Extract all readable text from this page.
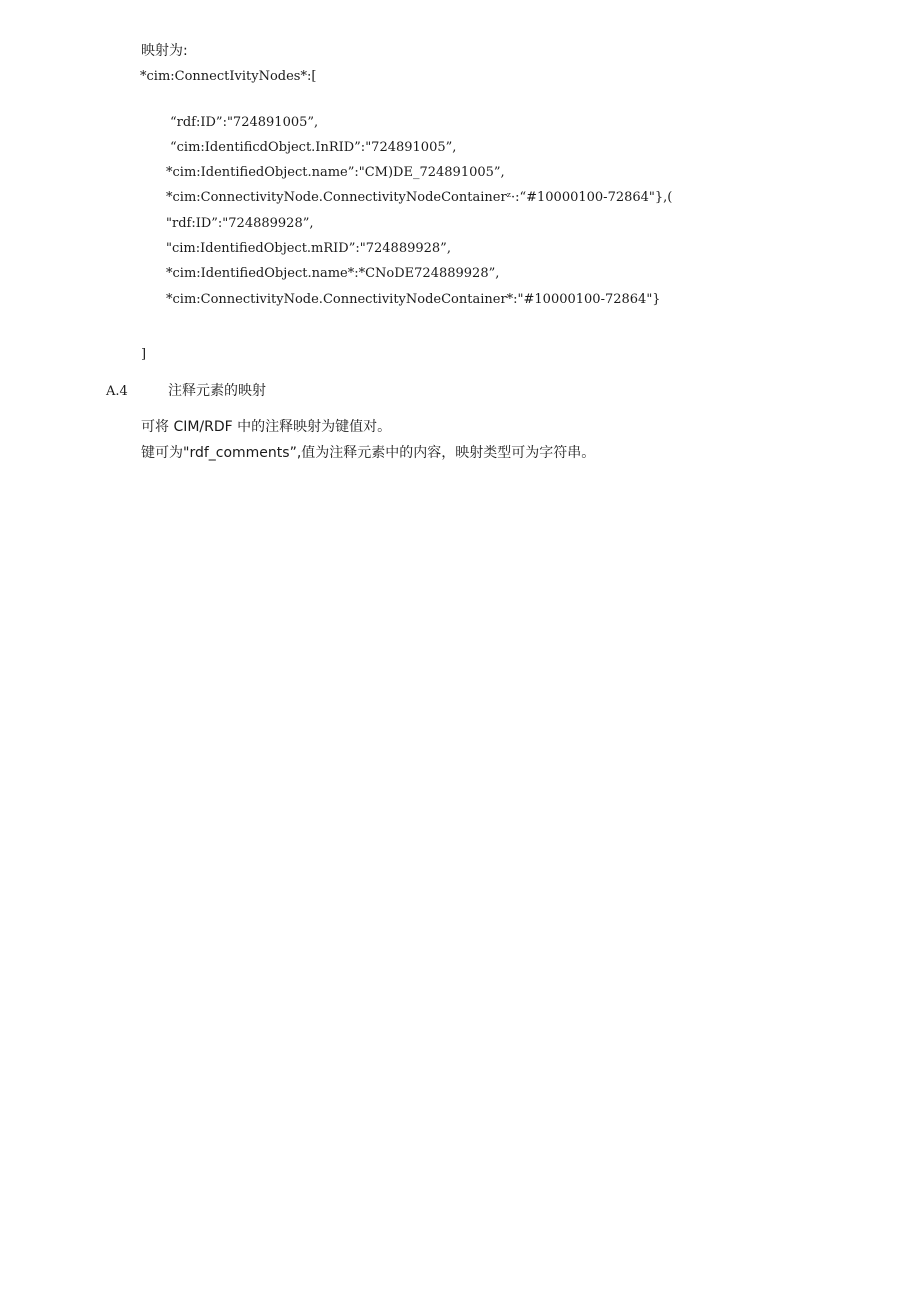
映射为:
*cim:ConnectIvityNodes*:[
“rdf:ID”:"724891005”,
“cim:IdentificdObject.InRID”:"724891005”,
*cim:IdentifiedObject.name”:"CM)DE_724891005”,
*cim:ConnectivityNode.ConnectivityNodeContainerᶻ·:“#10000100-72864"},(
"rdf:ID”:"724889928”,
"cim:IdentifiedObject.mRID”:"724889928”,
*cim:IdentifiedObject.name*:*CNoDE724889928”,
*cim:ConnectivityNode.ConnectivityNodeContainer*:"#10000100-72864"}
]
A.4	注释元素的映射
可将 CIM/RDF 中的注释映射为键值对。
键可为"rdf_comments”,值为注释元素中的内容，映射类型可为字符串。
